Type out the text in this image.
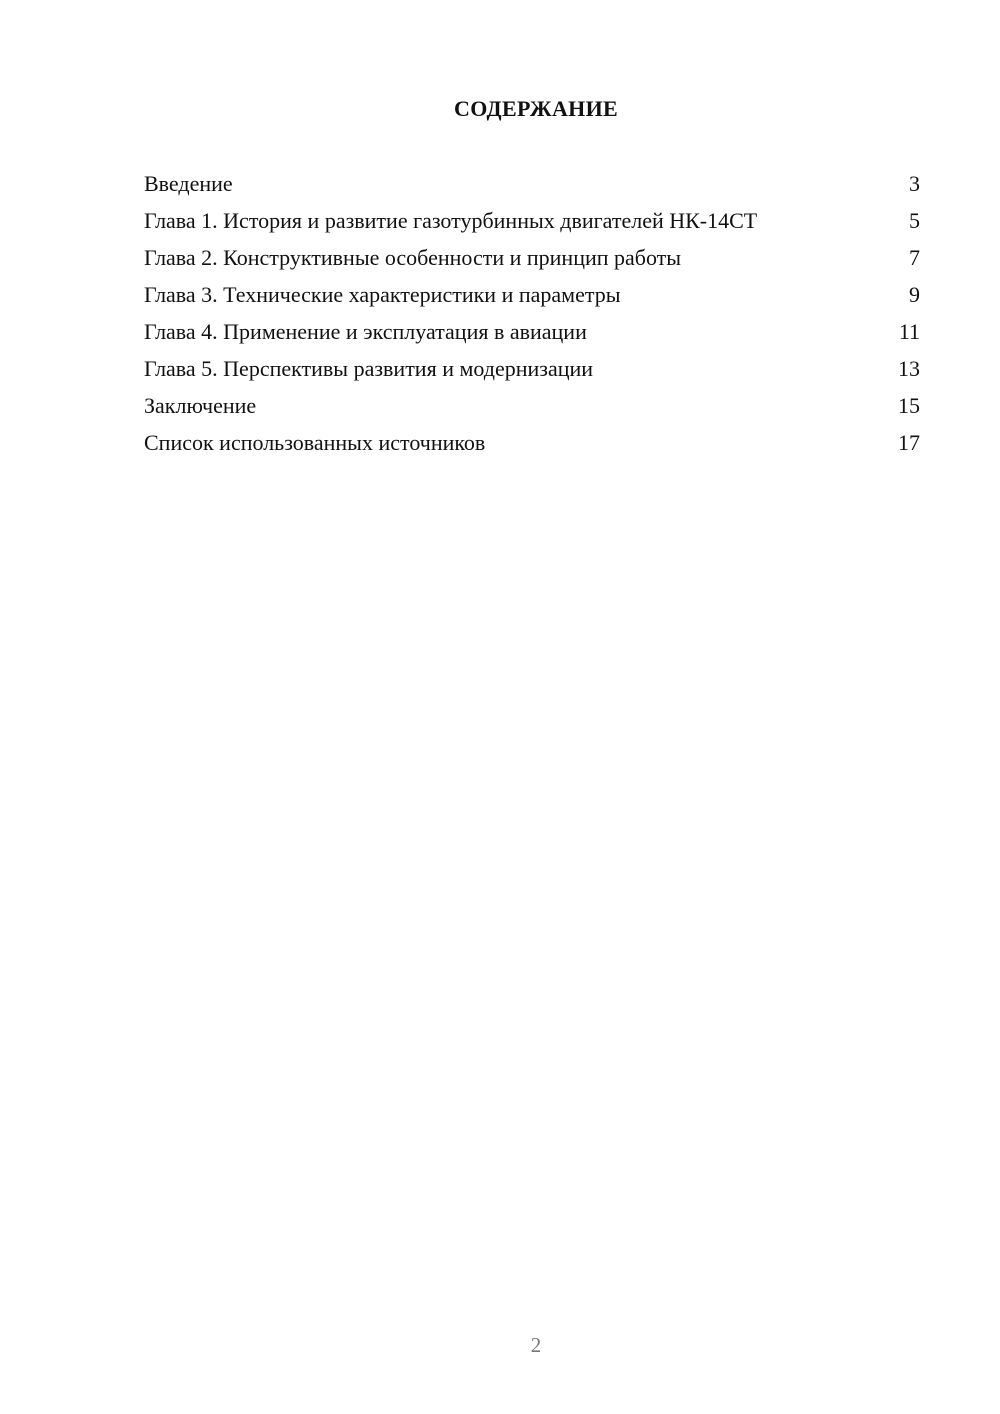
СОДЕРЖАНИЕ
Введение	3
Глава 1. История и развитие газотурбинных двигателей НК-14СТ	5
Глава 2. Конструктивные особенности и принцип работы	7
Глава 3. Технические характеристики и параметры	9
Глава 4. Применение и эксплуатация в авиации	11
Глава 5. Перспективы развития и модернизации	13
Заключение	15
Список использованных источников	17
2
